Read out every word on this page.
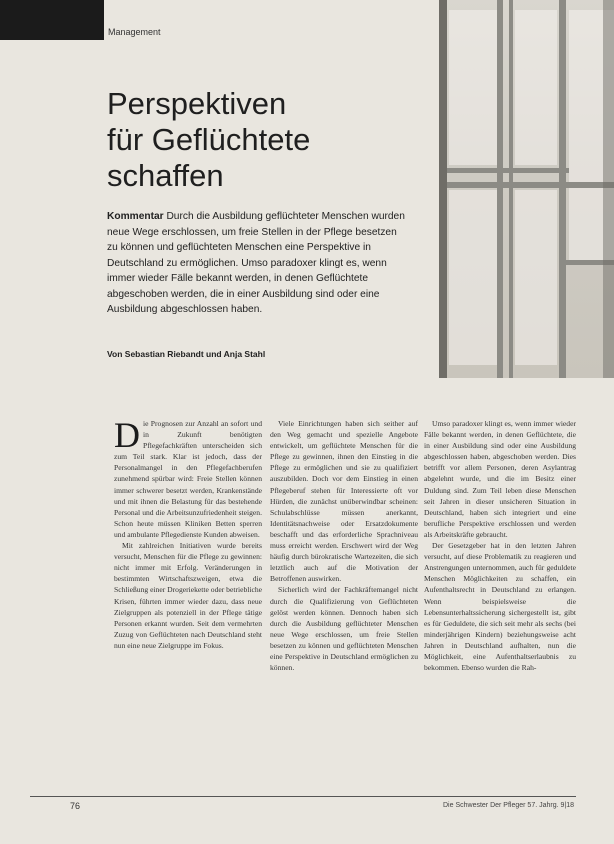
Management
Perspektiven
für Geflüchtete
schaffen

Kommentar Durch die Ausbildung geflüchteter Menschen wurden neue Wege erschlossen, um freie Stellen in der Pflege besetzen zu können und geflüchteten Menschen eine Perspektive in Deutschland zu ermöglichen. Umso paradoxer klingt es, wenn immer wieder Fälle bekannt werden, in denen Geflüchtete abgeschoben werden, die in einer Ausbildung sind oder eine Ausbildung abgeschlossen haben.

Von Sebastian Riebandt und Anja Stahl

Die Prognosen zur Anzahl an sofort und in Zukunft benötigten Pflegefachkräften unterscheiden sich zum Teil stark. Klar ist jedoch, dass der Personalmangel in den Pflegefachberufen zunehmend spürbar wird: Freie Stellen können immer schwerer besetzt werden, Krankenstände und mit ihnen die Belastung für das bestehende Personal und die Arbeitsunzufriedenheit steigen. Schon heute müssen Kliniken Betten sperren und ambulante Pflegedienste Kunden abweisen.

Mit zahlreichen Initiativen wurde bereits versucht, Menschen für die Pflege zu gewinnen: nicht immer mit Erfolg. Veränderungen in bestimmten Wirtschaftszweigen, etwa die Schließung einer Drogeriekette oder betriebliche Krisen, führten immer wieder dazu, dass neue Zielgruppen als potenziell in der Pflege tätige Personen erkannt wurden. Seit dem vermehrten Zuzug von Geflüchteten nach Deutschland steht nun eine neue Zielgruppe im Fokus.

Viele Einrichtungen haben sich seither auf den Weg gemacht und spezielle Angebote entwickelt, um geflüchtete Menschen für die Pflege zu gewinnen, ihnen den Einstieg in die Pflege zu ermöglichen und sie zu qualifiziert auszubilden. Doch vor dem Einstieg in einen Pflegeberuf stehen für Interessierte oft vor Hürden, die zunächst unüberwindbar scheinen: Schulabschlüsse müssen anerkannt, Identitätsnachweise oder Ersatzdokumente beschafft und das erforderliche Sprachniveau muss erreicht werden. Erschwert wird der Weg häufig durch bürokratische Wartezeiten, die sich letztlich auch auf die Motivation der Betroffenen auswirken.

Sicherlich wird der Fachkräftemangel nicht durch die Qualifizierung von Geflüchteten gelöst werden können. Dennoch haben sich durch die Ausbildung geflüchteter Menschen neue Wege erschlossen, um freie Stellen besetzen zu können und geflüchteten Menschen eine Perspektive in Deutschland ermöglichen zu können.

Umso paradoxer klingt es, wenn immer wieder Fälle bekannt werden, in denen Geflüchtete, die in einer Ausbildung sind oder eine Ausbildung abgeschlossen haben, abgeschoben werden. Dies betrifft vor allem Personen, deren Asylantrag abgelehnt wurde, und die im Besitz einer Duldung sind. Zum Teil leben diese Menschen seit Jahren in dieser unsicheren Situation in Deutschland, haben sich integriert und eine berufliche Perspektive erschlossen und werden als Arbeitskräfte gebraucht.

Der Gesetzgeber hat in den letzten Jahren versucht, auf diese Problematik zu reagieren und Anstrengungen unternommen, auch für geduldete Menschen Möglichkeiten zu schaffen, ein Aufenthaltsrecht in Deutschland zu erlangen. Wenn beispielsweise die Lebensunterhaltssicherung sichergestellt ist, gibt es für Geduldete, die sich seit mehr als sechs (bei minderjährigen Kindern) beziehungsweise acht Jahren in Deutschland aufhalten, nun die Möglichkeit, eine Aufenthaltserlaubnis zu bekommen. Ebenso wurden die Rah-

76	Die Schwester Der Pfleger 57. Jahrg. 9|18
